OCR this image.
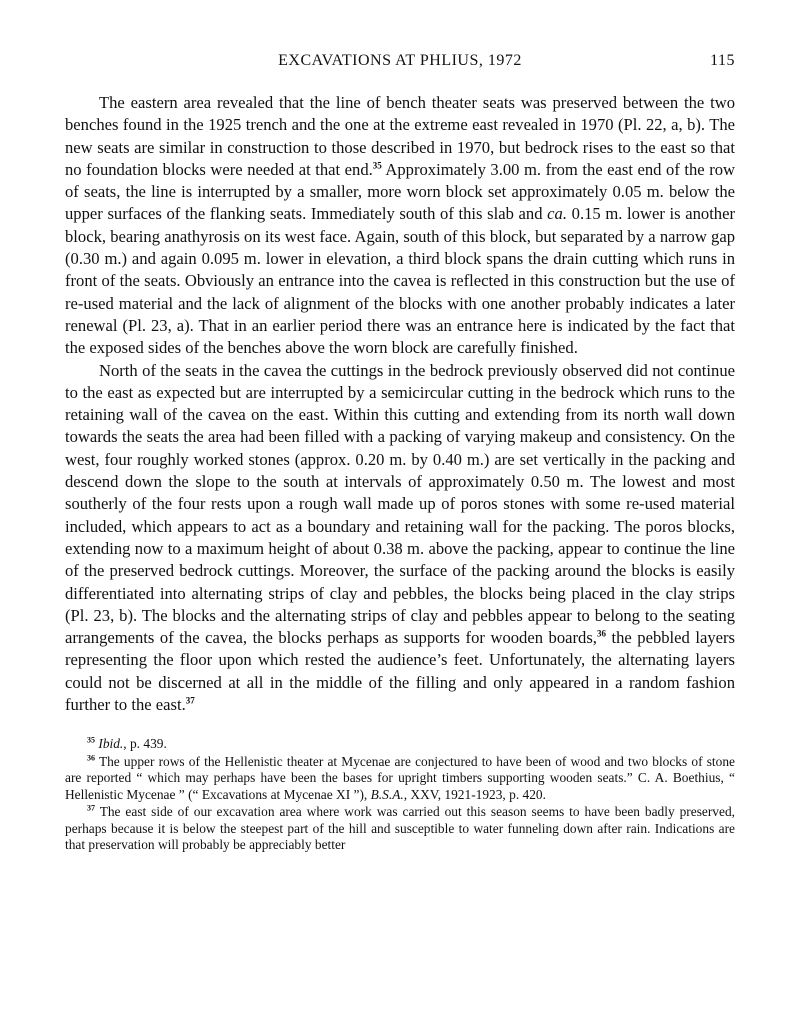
EXCAVATIONS AT PHLIUS, 1972	115

The eastern area revealed that the line of bench theater seats was preserved between the two benches found in the 1925 trench and the one at the extreme east revealed in 1970 (Pl. 22, a, b). The new seats are similar in construction to those described in 1970, but bedrock rises to the east so that no foundation blocks were needed at that end.$^{35}$ Approximately 3.00 m. from the east end of the row of seats, the line is interrupted by a smaller, more worn block set approximately 0.05 m. below the upper surfaces of the flanking seats. Immediately south of this slab and ca. 0.15 m. lower is another block, bearing anathyrosis on its west face. Again, south of this block, but separated by a narrow gap (0.30 m.) and again 0.095 m. lower in elevation, a third block spans the drain cutting which runs in front of the seats. Obviously an entrance into the cavea is reflected in this construction but the use of re-used material and the lack of alignment of the blocks with one another probably indicates a later renewal (Pl. 23, a). That in an earlier period there was an entrance here is indicated by the fact that the exposed sides of the benches above the worn block are carefully finished.

North of the seats in the cavea the cuttings in the bedrock previously observed did not continue to the east as expected but are interrupted by a semicircular cutting in the bedrock which runs to the retaining wall of the cavea on the east. Within this cutting and extending from its north wall down towards the seats the area had been filled with a packing of varying makeup and consistency. On the west, four roughly worked stones (approx. 0.20 m. by 0.40 m.) are set vertically in the packing and descend down the slope to the south at intervals of approximately 0.50 m. The lowest and most southerly of the four rests upon a rough wall made up of poros stones with some re-used material included, which appears to act as a boundary and retaining wall for the packing. The poros blocks, extending now to a maximum height of about 0.38 m. above the packing, appear to continue the line of the preserved bedrock cuttings. Moreover, the surface of the packing around the blocks is easily differentiated into alternating strips of clay and pebbles, the blocks being placed in the clay strips (Pl. 23, b). The blocks and the alternating strips of clay and pebbles appear to belong to the seating arrangements of the cavea, the blocks perhaps as supports for wooden boards,$^{36}$ the pebbled layers representing the floor upon which rested the audience’s feet. Unfortunately, the alternating layers could not be discerned at all in the middle of the filling and only appeared in a random fashion further to the east.$^{37}$

$^{35}$ Ibid., p. 439.

$^{36}$ The upper rows of the Hellenistic theater at Mycenae are conjectured to have been of wood and two blocks of stone are reported “ which may perhaps have been the bases for upright timbers supporting wooden seats.” C. A. Boethius, “ Hellenistic Mycenae ” (“ Excavations at Mycenae XI ”), B.S.A., XXV, 1921-1923, p. 420.

$^{37}$ The east side of our excavation area where work was carried out this season seems to have been badly preserved, perhaps because it is below the steepest part of the hill and susceptible to water funneling down after rain. Indications are that preservation will probably be appreciably better
